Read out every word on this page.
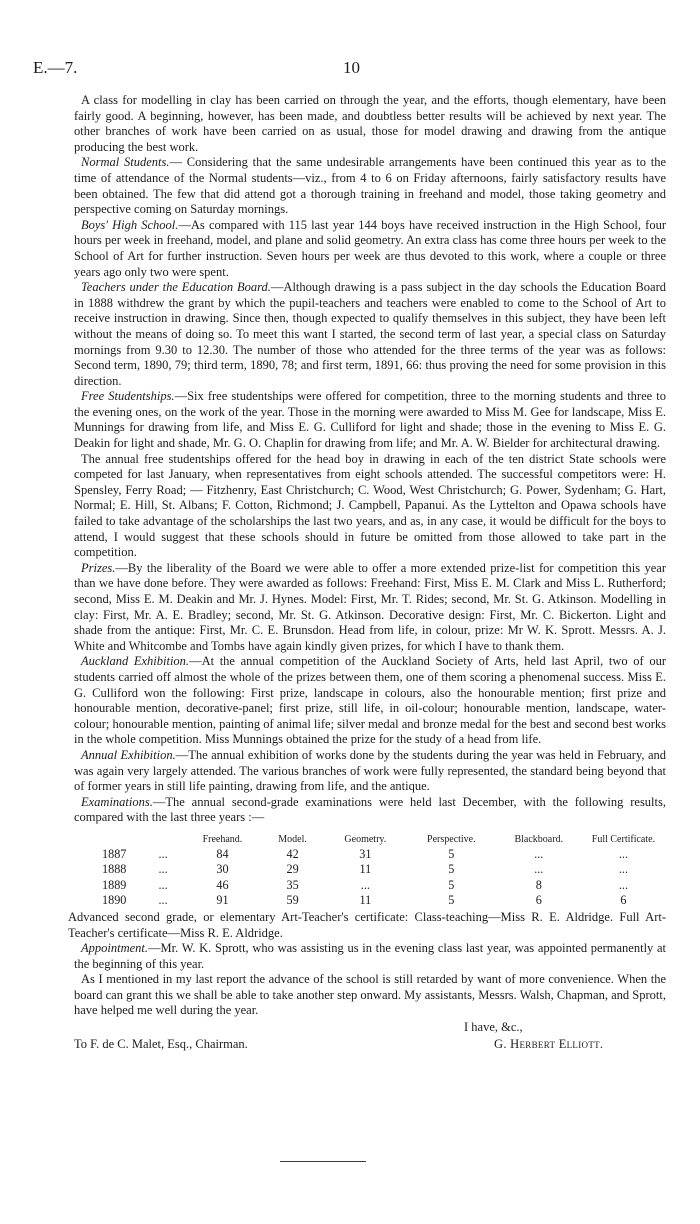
E.—7.	10

A class for modelling in clay has been carried on through the year, and the efforts, though elementary, have been fairly good. A beginning, however, has been made, and doubtless better results will be achieved by next year. The other branches of work have been carried on as usual, those for model drawing and drawing from the antique producing the best work.

Normal Students.— Considering that the same undesirable arrangements have been continued this year as to the time of attendance of the Normal students—viz., from 4 to 6 on Friday afternoons, fairly satisfactory results have been obtained. The few that did attend got a thorough training in freehand and model, those taking geometry and perspective coming on Saturday mornings.

Boys' High School.—As compared with 115 last year 144 boys have received instruction in the High School, four hours per week in freehand, model, and plane and solid geometry. An extra class has come three hours per week to the School of Art for further instruction. Seven hours per week are thus devoted to this work, where a couple or three years ago only two were spent.

Teachers under the Education Board.—Although drawing is a pass subject in the day schools the Education Board in 1888 withdrew the grant by which the pupil-teachers and teachers were enabled to come to the School of Art to receive instruction in drawing. Since then, though expected to qualify themselves in this subject, they have been left without the means of doing so. To meet this want I started, the second term of last year, a special class on Saturday mornings from 9.30 to 12.30. The number of those who attended for the three terms of the year was as follows: Second term, 1890, 79; third term, 1890, 78; and first term, 1891, 66: thus proving the need for some provision in this direction.

Free Studentships.—Six free studentships were offered for competition, three to the morning students and three to the evening ones, on the work of the year. Those in the morning were awarded to Miss M. Gee for landscape, Miss E. Munnings for drawing from life, and Miss E. G. Culliford for light and shade; those in the evening to Miss E. G. Deakin for light and shade, Mr. G. O. Chaplin for drawing from life; and Mr. A. W. Bielder for architectural drawing.

The annual free studentships offered for the head boy in drawing in each of the ten district State schools were competed for last January, when representatives from eight schools attended. The successful competitors were: H. Spensley, Ferry Road; — Fitzhenry, East Christchurch; C. Wood, West Christchurch; G. Power, Sydenham; G. Hart, Normal; E. Hill, St. Albans; F. Cotton, Richmond; J. Campbell, Papanui. As the Lyttelton and Opawa schools have failed to take advantage of the scholarships the last two years, and as, in any case, it would be difficult for the boys to attend, I would suggest that these schools should in future be omitted from those allowed to take part in the competition.

Prizes.—By the liberality of the Board we were able to offer a more extended prize-list for competition this year than we have done before. They were awarded as follows: Freehand: First, Miss E. M. Clark and Miss L. Rutherford; second, Miss E. M. Deakin and Mr. J. Hynes. Model: First, Mr. T. Rides; second, Mr. St. G. Atkinson. Modelling in clay: First, Mr. A. E. Bradley; second, Mr. St. G. Atkinson. Decorative design: First, Mr. C. Bickerton. Light and shade from the antique: First, Mr. C. E. Brunsdon. Head from life, in colour, prize: Mr W. K. Sprott. Messrs. A. J. White and Whitcombe and Tombs have again kindly given prizes, for which I have to thank them.

Auckland Exhibition.—At the annual competition of the Auckland Society of Arts, held last April, two of our students carried off almost the whole of the prizes between them, one of them scoring a phenomenal success. Miss E. G. Culliford won the following: First prize, landscape in colours, also the honourable mention; first prize and honourable mention, decorative-panel; first prize, still life, in oil-colour; honourable mention, landscape, water-colour; honourable mention, painting of animal life; silver medal and bronze medal for the best and second best works in the whole competition. Miss Munnings obtained the prize for the study of a head from life.

Annual Exhibition.—The annual exhibition of works done by the students during the year was held in February, and was again very largely attended. The various branches of work were fully represented, the standard being beyond that of former years in still life painting, drawing from life, and the antique.

Examinations.—The annual second-grade examinations were held last December, with the following results, compared with the last three years :—

		Freehand.	Model.	Geometry.	Perspective.	Blackboard.	Full Certificate.
1887	...	84	42	31	5	...	...
1888	...	30	29	11	5	...	...
1889	...	46	35	...	5	8	...
1890	...	91	59	11	5	6	6

Advanced second grade, or elementary Art-Teacher's certificate: Class-teaching—Miss R. E. Aldridge. Full Art-Teacher's certificate—Miss R. E. Aldridge.

Appointment.—Mr. W. K. Sprott, who was assisting us in the evening class last year, was appointed permanently at the beginning of this year.

As I mentioned in my last report the advance of the school is still retarded by want of more convenience. When the board can grant this we shall be able to take another step onward. My assistants, Messrs. Walsh, Chapman, and Sprott, have helped me well during the year.

I have, &c.,
To F. de C. Malet, Esq., Chairman.	G. Herbert Elliott.
